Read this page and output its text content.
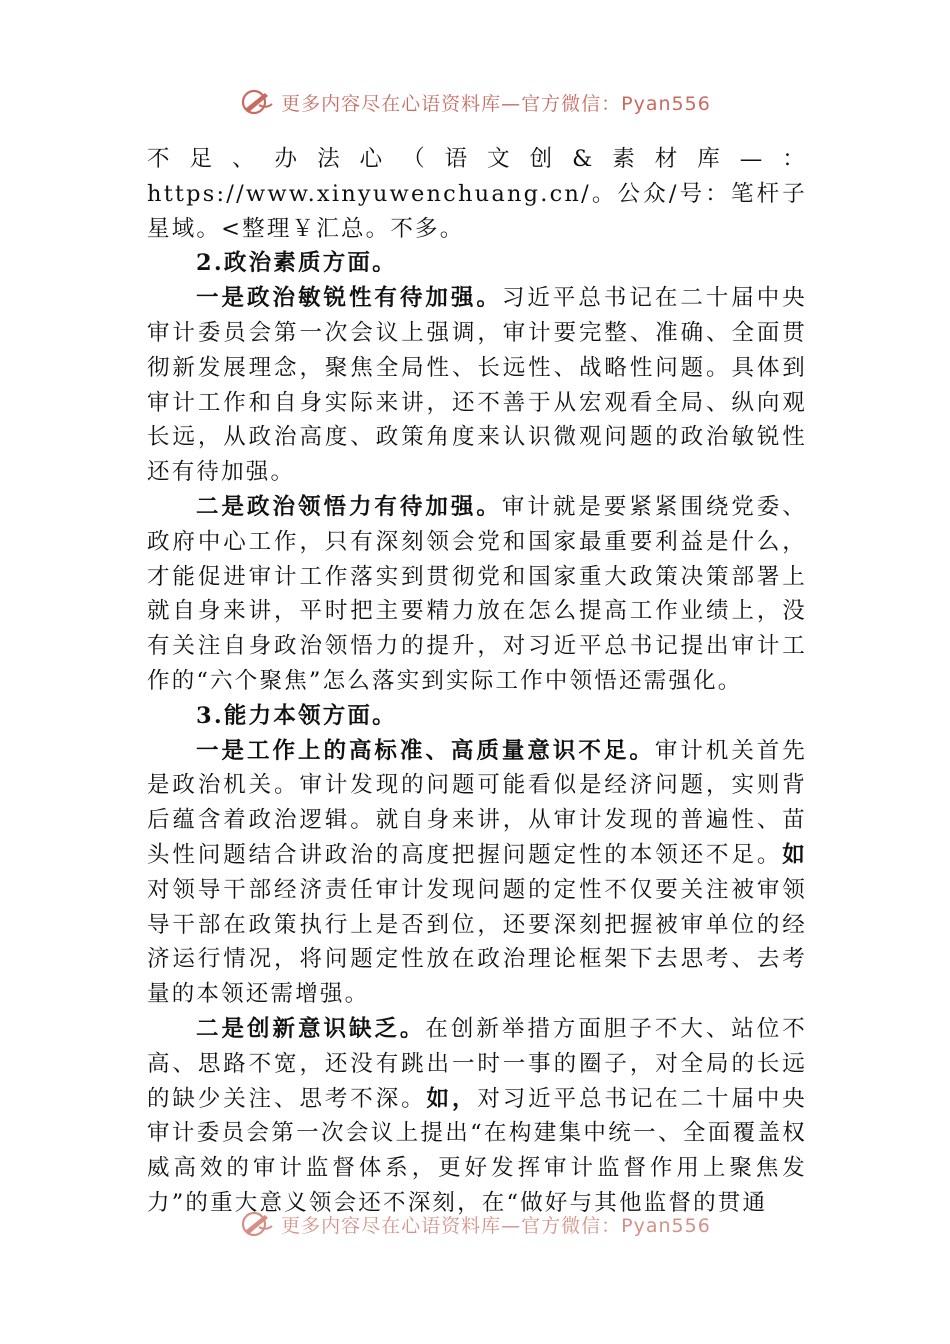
更多内容尽在心语资料库—官方微信：Pyan556

不足、办法心（语文创&素材库—：https://www.xinyuwenchuang.cn/。公众/号：笔杆子星域。<整理￥汇总。不多。

2.政治素质方面。

一是政治敏锐性有待加强。习近平总书记在二十届中央审计委员会第一次会议上强调，审计要完整、准确、全面贯彻新发展理念，聚焦全局性、长远性、战略性问题。具体到审计工作和自身实际来讲，还不善于从宏观看全局、纵向观长远，从政治高度、政策角度来认识微观问题的政治敏锐性还有待加强。

二是政治领悟力有待加强。审计就是要紧紧围绕党委、政府中心工作，只有深刻领会党和国家最重要利益是什么，才能促进审计工作落实到贯彻党和国家重大政策决策部署上就自身来讲，平时把主要精力放在怎么提高工作业绩上，没有关注自身政治领悟力的提升，对习近平总书记提出审计工作的“六个聚焦”怎么落实到实际工作中领悟还需强化。

3.能力本领方面。

一是工作上的高标准、高质量意识不足。审计机关首先是政治机关。审计发现的问题可能看似是经济问题，实则背后蕴含着政治逻辑。就自身来讲，从审计发现的普遍性、苗头性问题结合讲政治的高度把握问题定性的本领还不足。如对领导干部经济责任审计发现问题的定性不仅要关注被审领导干部在政策执行上是否到位，还要深刻把握被审单位的经济运行情况，将问题定性放在政治理论框架下去思考、去考量的本领还需增强。

二是创新意识缺乏。在创新举措方面胆子不大、站位不高、思路不宽，还没有跳出一时一事的圈子，对全局的长远的缺少关注、思考不深。如，对习近平总书记在二十届中央审计委员会第一次会议上提出“在构建集中统一、全面覆盖权威高效的审计监督体系，更好发挥审计监督作用上聚焦发力”的重大意义领会还不深刻，在“做好与其他监督的贯通

更多内容尽在心语资料库—官方微信：Pyan556
